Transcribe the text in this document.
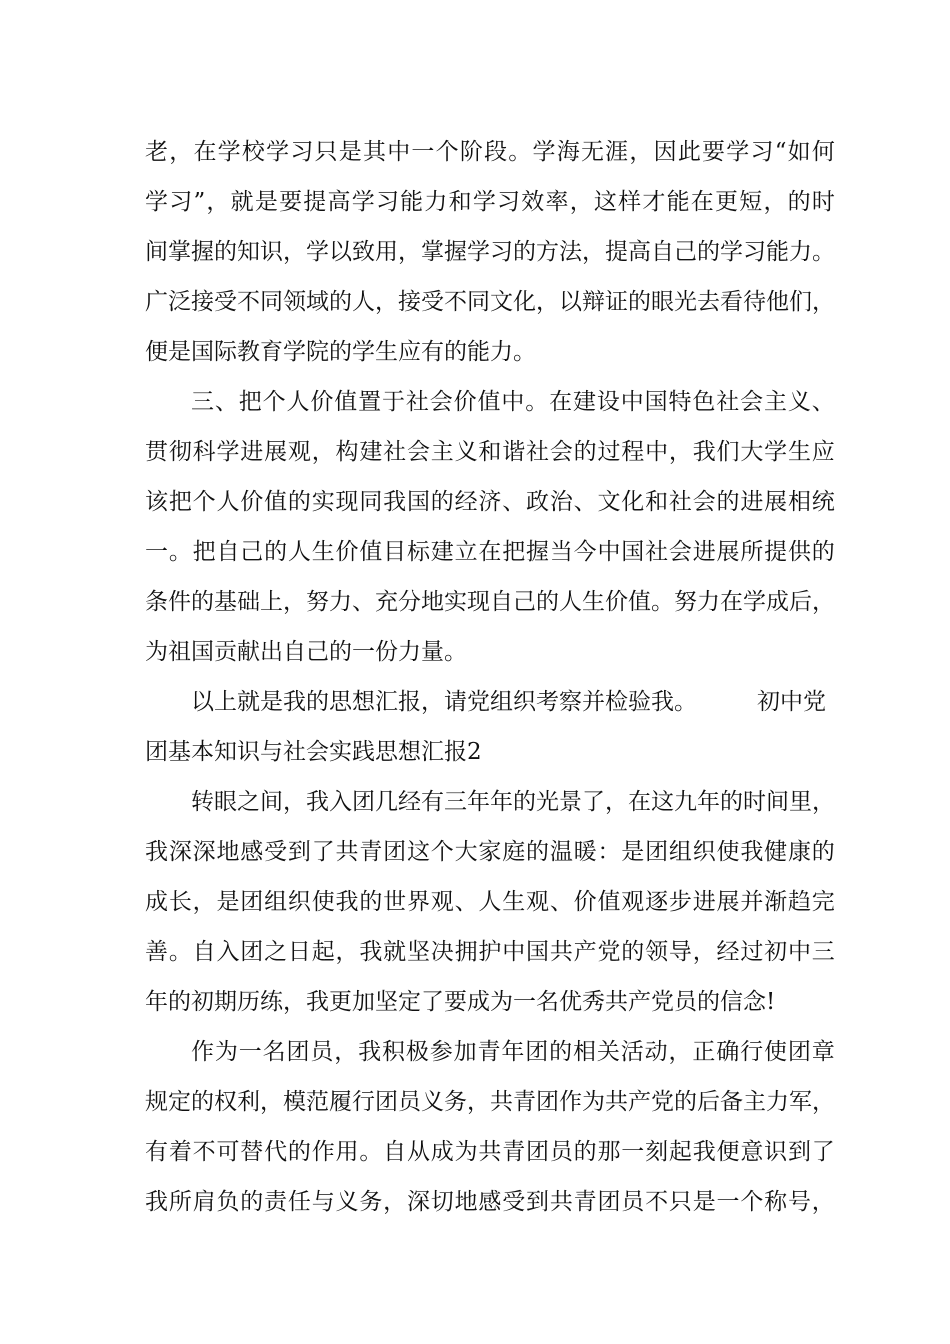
老 ， 在 学 校 学 习 只 是 其 中 一 个 阶 段 。 学 海 无 涯 ， 因 此 要 学 习 “ 如 何
学 习 ” ， 就 是 要 提 高 学 习 能 力 和 学 习 效 率 ， 这 样 才 能 在 更 短 ， 的 时
间 掌 握 的 知 识 ， 学 以 致 用 ， 掌 握 学 习 的 方 法 ， 提 高 自 己 的 学 习 能 力 。
广 泛 接 受 不 同 领 域 的 人 ， 接 受 不 同 文 化 ， 以 辩 证 的 眼 光 去 看 待 他 们 ，
便是国际教育学院的学生应有的能力。
三 、 把 个 人 价 值 置 于 社 会 价 值 中 。 在 建 设 中 国 特 色 社 会 主 义 、
贯 彻 科 学 进 展 观 ， 构 建 社 会 主 义 和 谐 社 会 的 过 程 中 ， 我 们 大 学 生 应
该 把 个 人 价 值 的 实 现 同 我 国 的 经 济 、 政 治 、 文 化 和 社 会 的 进 展 相 统
一 。 把 自 己 的 人 生 价 值 目 标 建 立 在 把 握 当 今 中 国 社 会 进 展 所 提 供 的
条 件 的 基 础 上 ， 努 力 、 充 分 地 实 现 自 己 的 人 生 价 值 。 努 力 在 学 成 后 ，
为祖国贡献出自己的一份力量。
以上就是我的思想汇报，请党组织考察并检验我。	初中党
团基本知识与社会实践思想汇报2
转 眼 之 间 ， 我 入 团 几 经 有 三 年 年 的 光 景 了 ， 在 这 九 年 的 时 间 里 ，
我 深 深 地 感 受 到 了 共 青 团 这 个 大 家 庭 的 温 暖 ： 是 团 组 织 使 我 健 康 的
成 长 ， 是 团 组 织 使 我 的 世 界 观 、 人 生 观 、 价 值 观 逐 步 进 展 并 渐 趋 完
善 。 自 入 团 之 日 起 ， 我 就 坚 决 拥 护 中 国 共 产 党 的 领 导 ， 经 过 初 中 三
年的初期历练，我更加坚定了要成为一名优秀共产党员的信念!
作 为 一 名 团 员 ， 我 积 极 参 加 青 年 团 的 相 关 活 动 ， 正 确 行 使 团 章
规 定 的 权 利 ， 模 范 履 行 团 员 义 务 ， 共 青 团 作 为 共 产 党 的 后 备 主 力 军 ，
有 着 不 可 替 代 的 作 用 。 自 从 成 为 共 青 团 员 的 那 一 刻 起 我 便 意 识 到 了
我 所 肩 负 的 责 任 与 义 务 ， 深 切 地 感 受 到 共 青 团 员 不 只 是 一 个 称 号 ，
